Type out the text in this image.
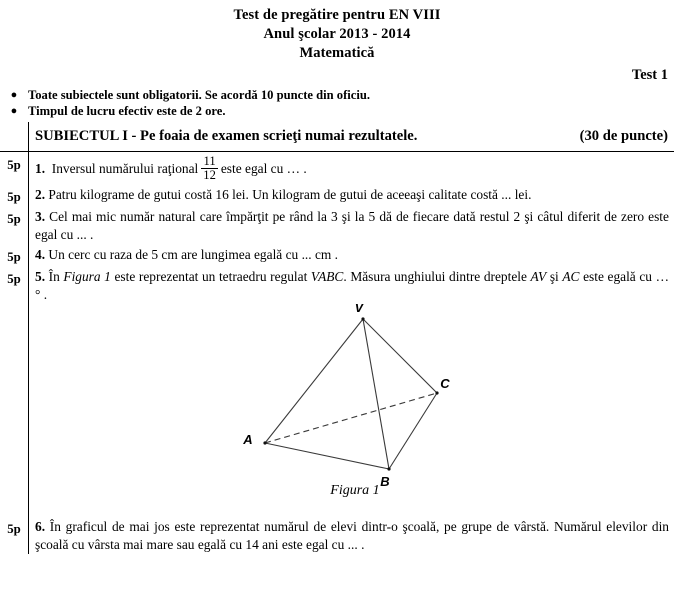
Test de pregătire pentru EN VIII
Anul şcolar 2013 - 2014
Matematică
Test 1
● Toate subiectele sunt obligatorii. Se acordă 10 puncte din oficiu.
● Timpul de lucru efectiv este de 2 ore.
SUBIECTUL I - Pe foaia de examen scrieţi numai rezultatele.	(30 de puncte)
5p	1. Inversul numărului raţional $\frac{11}{12}$ este egal cu … .
5p	2. Patru kilograme de gutui costă 16 lei. Un kilogram de gutui de aceeaşi calitate costă ... lei.
5p	3. Cel mai mic număr natural care împărţit pe rând la 3 şi la 5 dă de fiecare dată restul 2 şi câtul diferit de zero este egal cu ... .
5p	4. Un cerc cu raza de 5 cm are lungimea egală cu ... cm .
5p	5. În Figura 1 este reprezentat un tetraedru regulat VABC. Măsura unghiului dintre dreptele AV şi AC este egală cu …° .
V
A
B
C
Figura 1
5p	6. În graficul de mai jos este reprezentat numărul de elevi dintr-o şcoală, pe grupe de vârstă. Numărul elevilor din şcoală cu vârsta mai mare sau egală cu 14 ani este egal cu ... .
